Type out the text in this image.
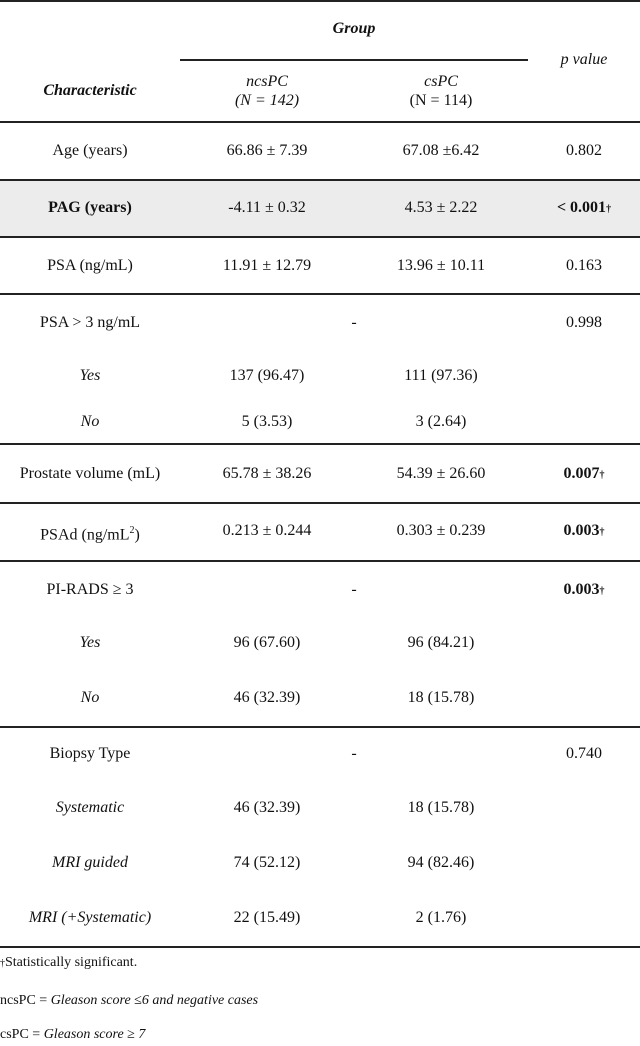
Group
Characteristic
ncsPC
(N = 142)
csPC
(N = 114)
p value
Age (years)	66.86 ± 7.39	67.08 ±6.42	0.802
PAG (years)	-4.11 ± 0.32	4.53 ± 2.22	< 0.001†
PSA (ng/mL)	11.91 ± 12.79	13.96 ± 10.11	0.163
PSA > 3 ng/mL	-	0.998
Yes	137 (96.47)	111 (97.36)
No	5 (3.53)	3 (2.64)
Prostate volume (mL)	65.78 ± 38.26	54.39 ± 26.60	0.007†
PSAd $(ng/mL^2)$	0.213 ± 0.244	0.303 ± 0.239	0.003†
PI-RADS ≥ 3	-	0.003†
Yes	96 (67.60)	96 (84.21)
No	46 (32.39)	18 (15.78)
Biopsy Type	-	0.740
Systematic	46 (32.39)	18 (15.78)
MRI guided	74 (52.12)	94 (82.46)
MRI (+Systematic)	22 (15.49)	2 (1.76)
†Statistically significant.
ncsPC = Gleason score ≤6 and negative cases
csPC = Gleason score ≥ 7
